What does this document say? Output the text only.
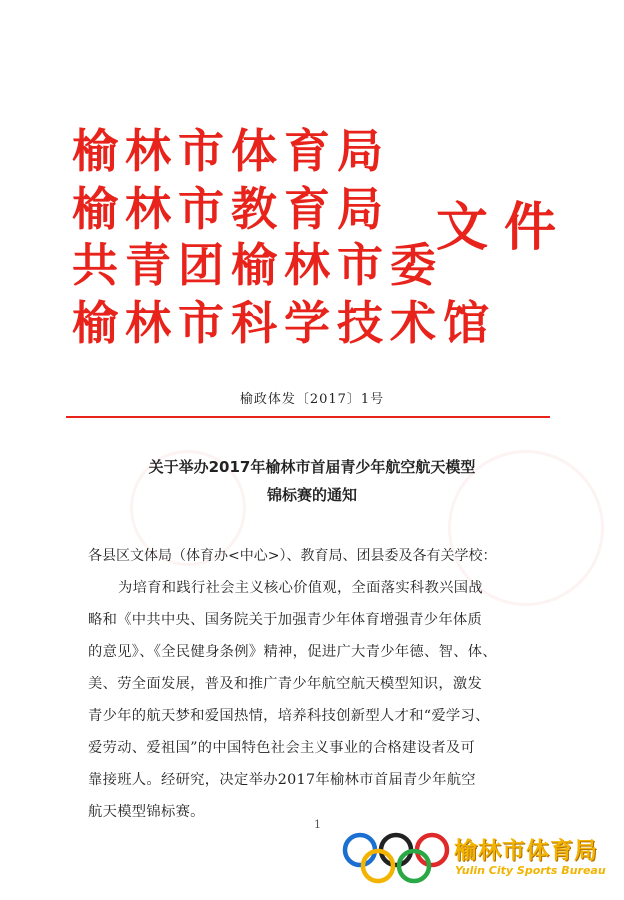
榆林市体育局
榆林市教育局
共青团榆林市委
榆林市科学技术馆
文件
榆政体发〔2017〕1号
关于举办2017年榆林市首届青少年航空航天模型
锦标赛的通知
各县区文体局（体育办<中心>）、教育局、团县委及各有关学校：
为培育和践行社会主义核心价值观，全面落实科教兴国战
略和《中共中央、国务院关于加强青少年体育增强青少年体质
的意见》、《全民健身条例》精神，促进广大青少年德、智、体、
美、劳全面发展，普及和推广青少年航空航天模型知识，激发
青少年的航天梦和爱国热情，培养科技创新型人才和“爱学习、
爱劳动、爱祖国”的中国特色社会主义事业的合格建设者及可
靠接班人。经研究，决定举办2017年榆林市首届青少年航空
航天模型锦标赛。
1
榆林市体育局
Yulin City Sports Bureau
